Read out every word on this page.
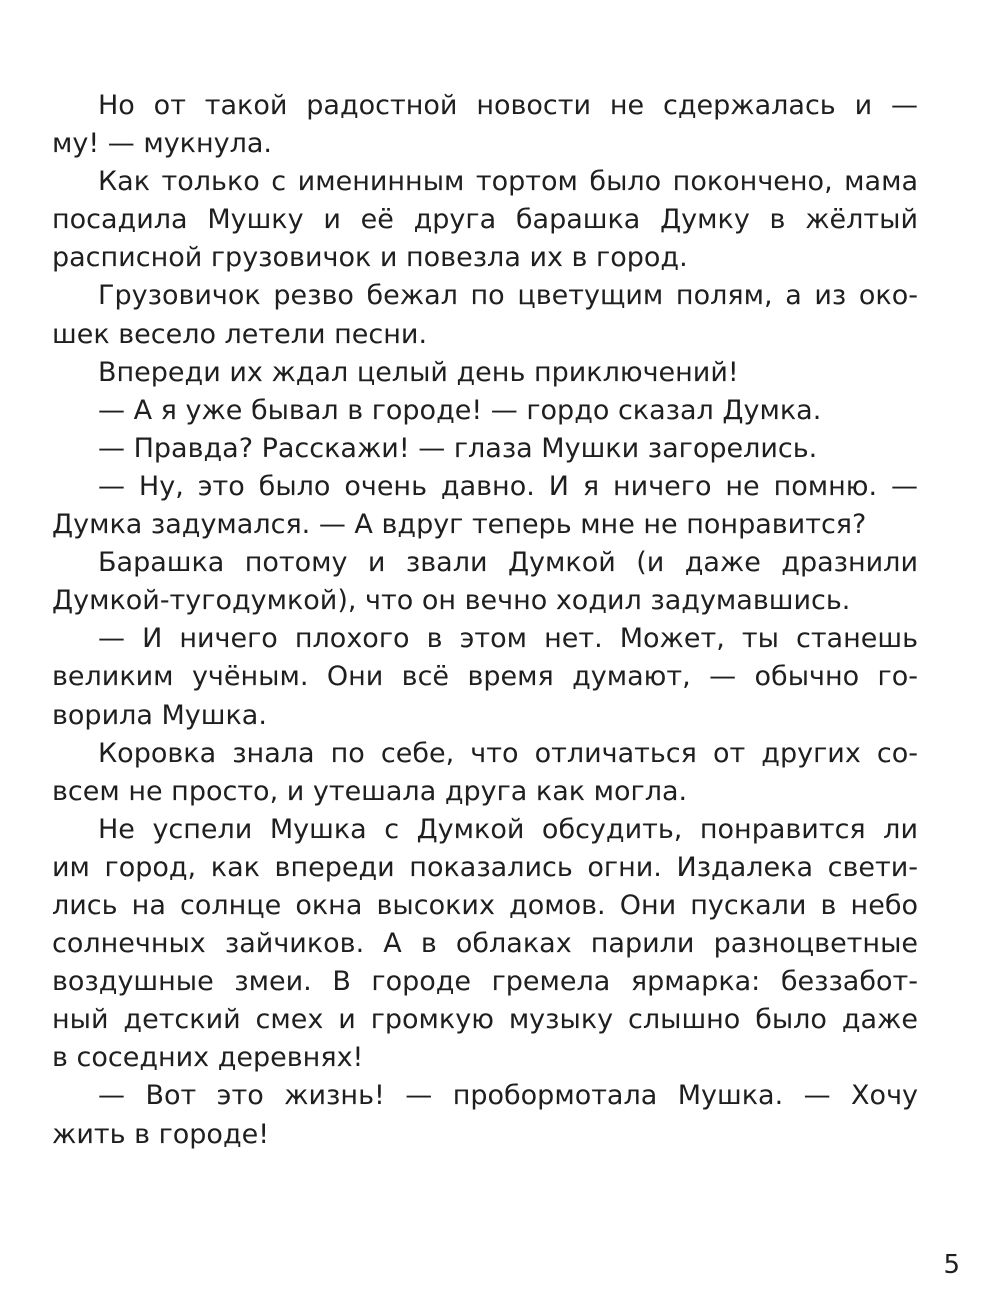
Но от такой радостной новости не сдержалась и —
му! — мукнула.
Как только с именинным тортом было покончено, мама
посадила Мушку и её друга барашка Думку в жёлтый
расписной грузовичок и повезла их в город.
Грузовичок резво бежал по цветущим полям, а из око-
шек весело летели песни.
Впереди их ждал целый день приключений!
— А я уже бывал в городе! — гордо сказал Думка.
— Правда? Расскажи! — глаза Мушки загорелись.
— Ну, это было очень давно. И я ничего не помню. —
Думка задумался. — А вдруг теперь мне не понравится?
Барашка потому и звали Думкой (и даже дразнили
Думкой-тугодумкой), что он вечно ходил задумавшись.
— И ничего плохого в этом нет. Может, ты станешь
великим учёным. Они всё время думают, — обычно го-
ворила Мушка.
Коровка знала по себе, что отличаться от других со-
всем не просто, и утешала друга как могла.
Не успели Мушка с Думкой обсудить, понравится ли
им город, как впереди показались огни. Издалека свети-
лись на солнце окна высоких домов. Они пускали в небо
солнечных зайчиков. А в облаках парили разноцветные
воздушные змеи. В городе гремела ярмарка: беззабот-
ный детский смех и громкую музыку слышно было даже
в соседних деревнях!
— Вот это жизнь! — пробормотала Мушка. — Хочу
жить в городе!
5
